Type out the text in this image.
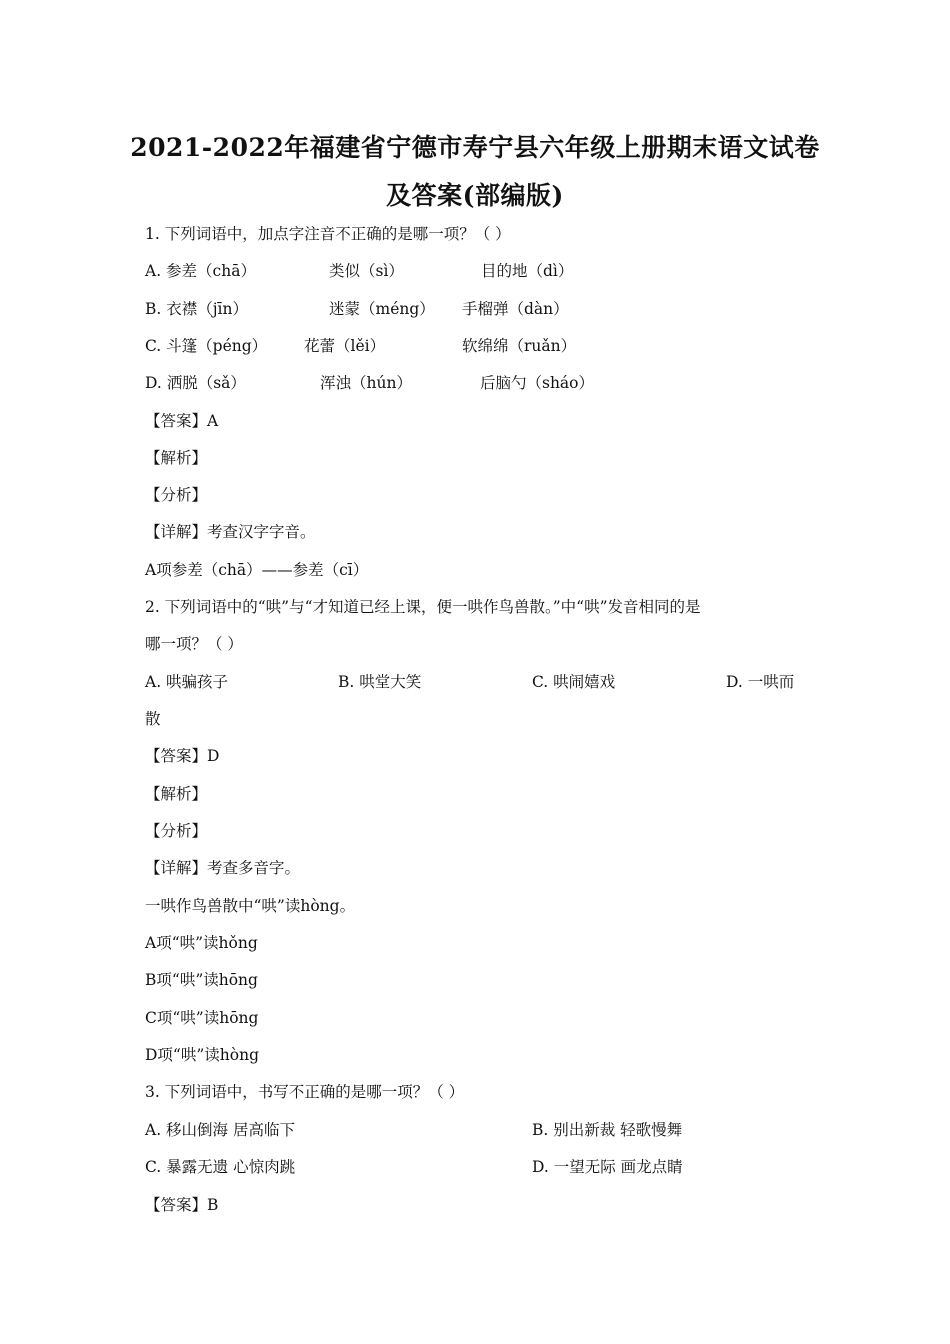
2021-2022年福建省宁德市寿宁县六年级上册期末语文试卷
及答案(部编版)
1. 下列词语中，加点字注音不正确的是哪一项？（ ）
A. 参差（chā）	类似（sì）	目的地（dì）
B. 衣襟（jīn）	迷蒙（méng） 手榴弹（dàn）
C. 斗篷（péng） 花蕾（lěi）	软绵绵（ruǎn）
D. 洒脱（sǎ）	浑浊（hún）	后脑勺（sháo）
【答案】A
【解析】
【分析】
【详解】考查汉字字音。
A项参差（chā）——参差（cī）
2. 下列词语中的“哄”与“才知道已经上课，便一哄作鸟兽散。”中“哄”发音相同的是
哪一项？（ ）
A. 哄骗孩子	B. 哄堂大笑	C. 哄闹嬉戏	D. 一哄而
散
【答案】D
【解析】
【分析】
【详解】考查多音字。
一哄作鸟兽散中“哄”读hòng。
A项“哄”读hǒng
B项“哄”读hōng
C项“哄”读hōng
D项“哄”读hòng
3. 下列词语中，书写不正确的是哪一项？（ ）
A. 移山倒海 居高临下	B. 别出新裁 轻歌慢舞
C. 暴露无遗 心惊肉跳	D. 一望无际 画龙点睛
【答案】B
